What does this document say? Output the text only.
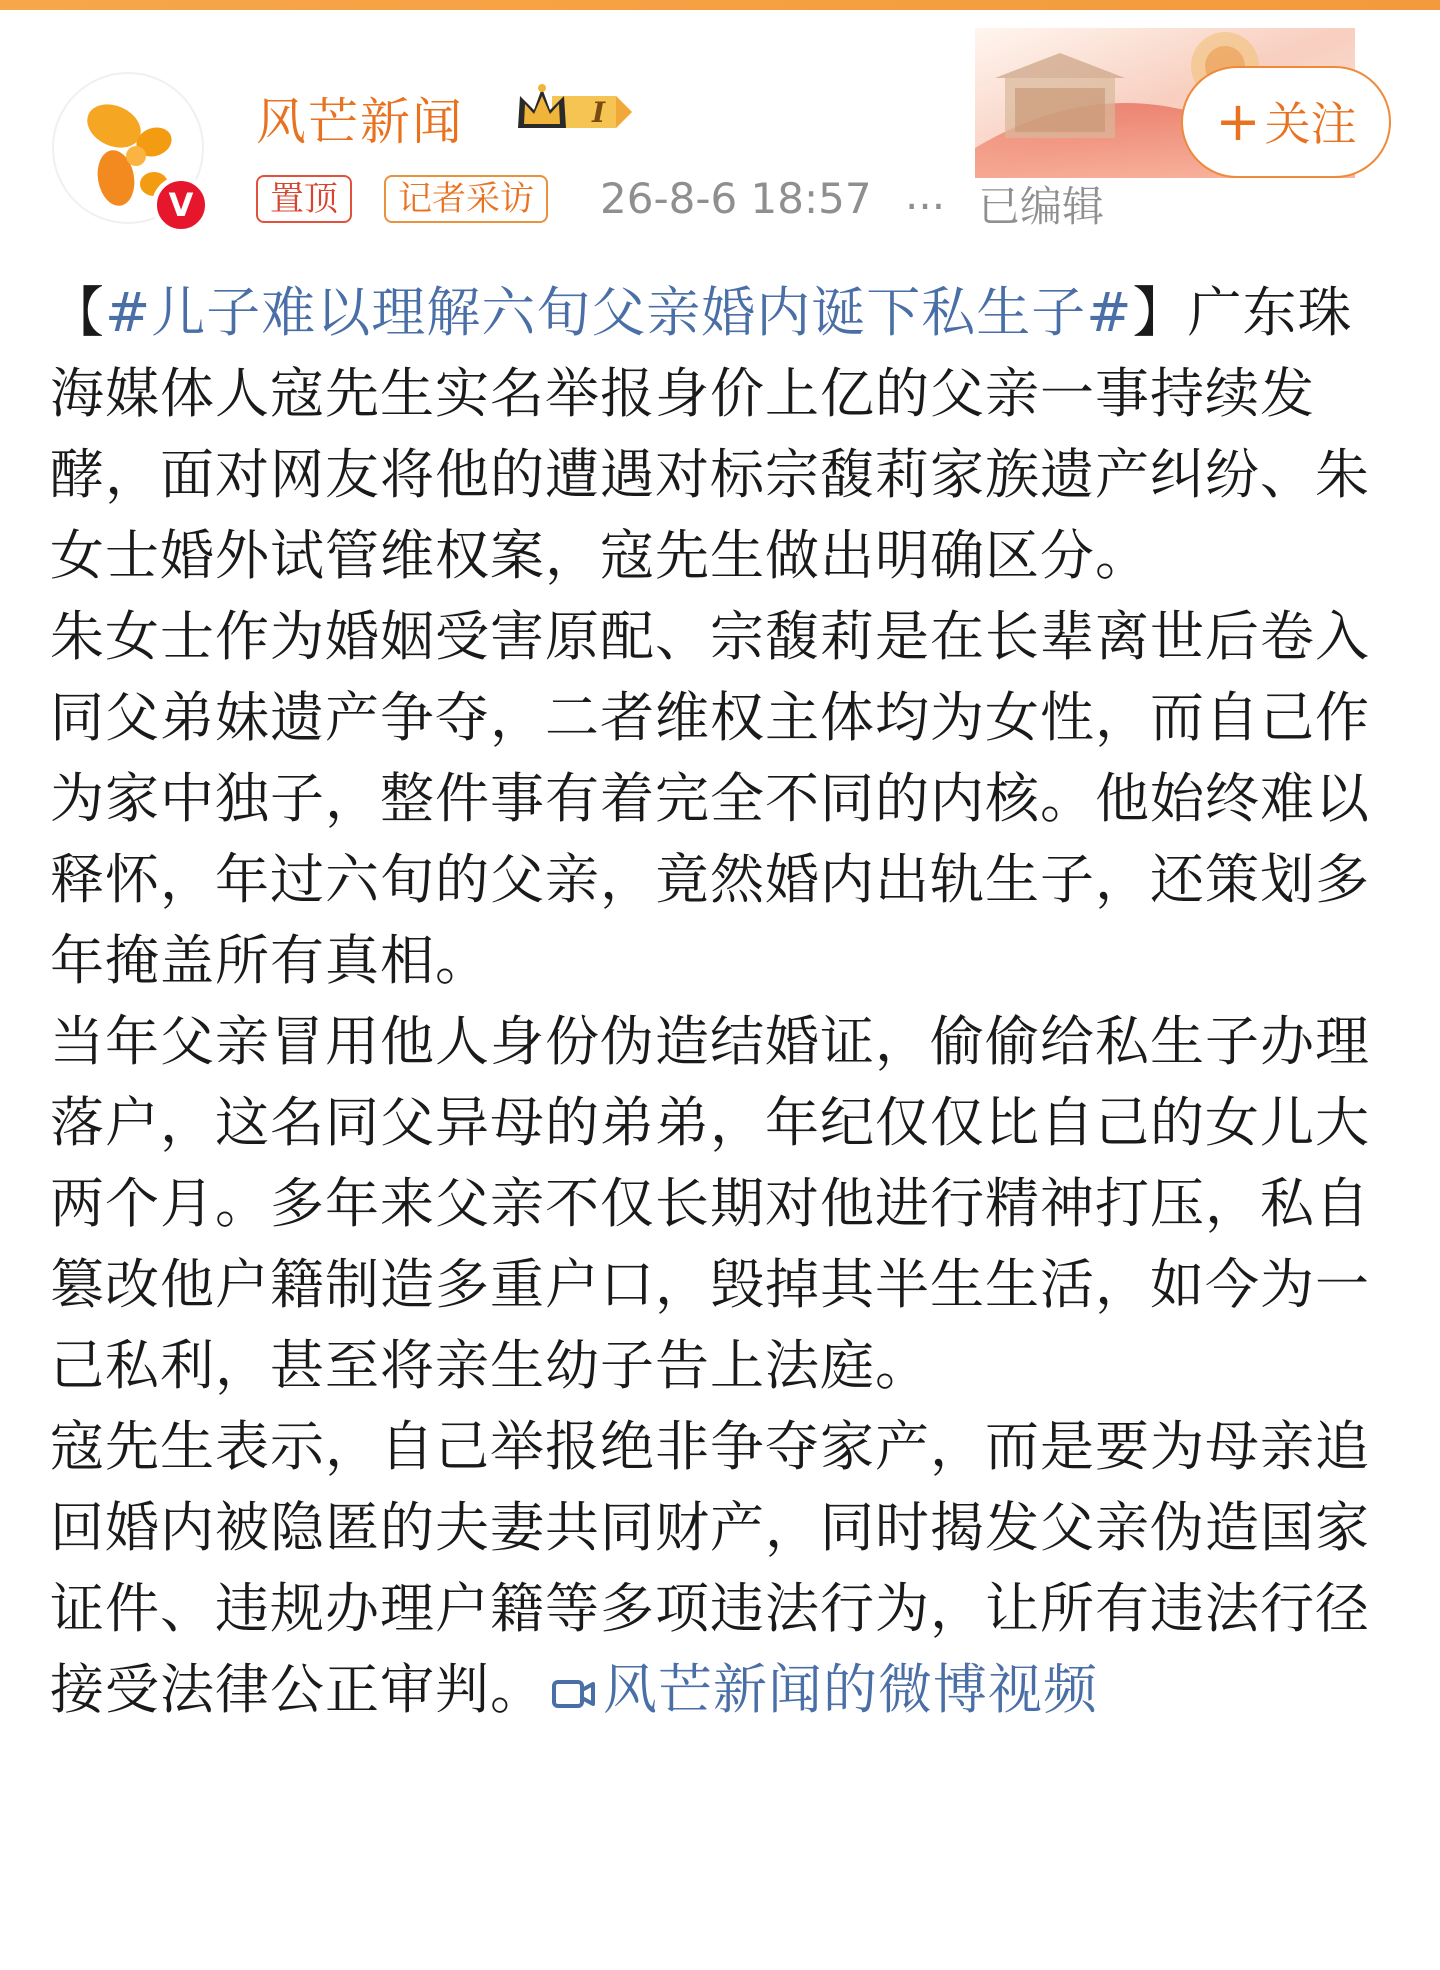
V
风芒新闻	I
置顶	记者采访	26-8-6 18:57 ... 已编辑
+关注

【#儿子难以理解六旬父亲婚内诞下私生子#】广东珠海媒体人寇先生实名举报身价上亿的父亲一事持续发酵，面对网友将他的遭遇对标宗馥莉家族遗产纠纷、朱女士婚外试管维权案，寇先生做出明确区分。

朱女士作为婚姻受害原配、宗馥莉是在长辈离世后卷入同父弟妹遗产争夺，二者维权主体均为女性，而自己作为家中独子，整件事有着完全不同的内核。他始终难以释怀，年过六旬的父亲，竟然婚内出轨生子，还策划多年掩盖所有真相。

当年父亲冒用他人身份伪造结婚证，偷偷给私生子办理落户，这名同父异母的弟弟，年纪仅仅比自己的女儿大两个月。多年来父亲不仅长期对他进行精神打压，私自篡改他户籍制造多重户口，毁掉其半生生活，如今为一己私利，甚至将亲生幼子告上法庭。

寇先生表示，自己举报绝非争夺家产，而是要为母亲追回婚内被隐匿的夫妻共同财产，同时揭发父亲伪造国家证件、违规办理户籍等多项违法行为，让所有违法行径接受法律公正审判。 风芒新闻的微博视频
